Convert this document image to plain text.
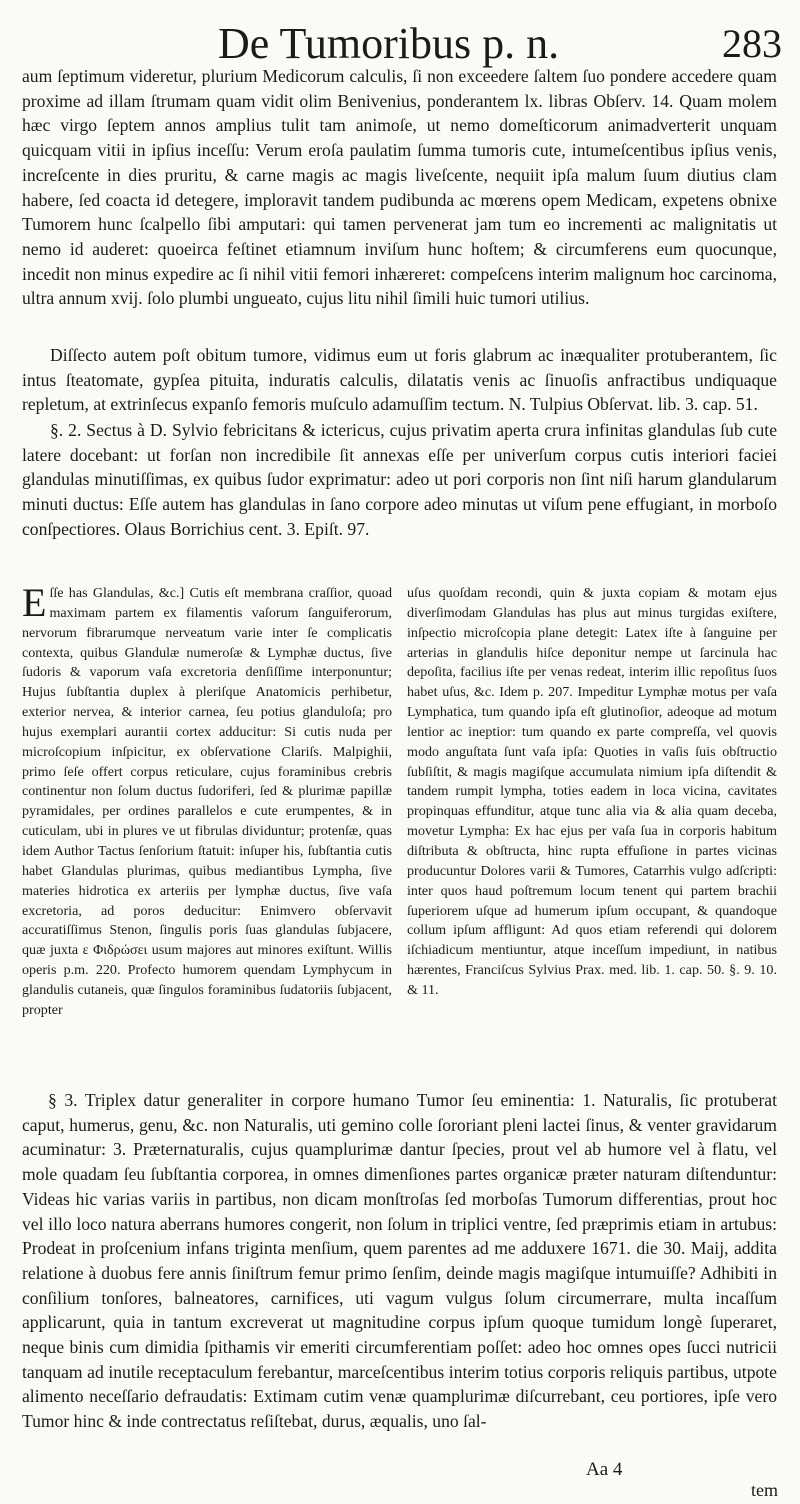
De Tumoribus p. n.	283

aum ſeptimum videretur, plurium Medicorum calculis, ſi non exceedere ſaltem ſuo pondere accedere quam proxime ad illam ſtrumam quam vidit olim Benivenius, ponderantem lx. libras Obſerv. 14. Quam molem hæc virgo ſeptem annos amplius tulit tam animoſe, ut nemo domeſticorum animadverterit unquam quicquam vitii in ipſius inceſſu: Verum eroſa paulatim ſumma tumoris cute, intumeſcentibus ipſius venis, increſcente in dies pruritu, & carne magis ac magis liveſcente, nequiit ipſa malum ſuum diutius clam habere, ſed coacta id detegere, imploravit tandem pudibunda ac mœrens opem Medicam, expetens obnixe Tumorem hunc ſcalpello ſibi amputari: qui tamen pervenerat jam tum eo incrementi ac malignitatis ut nemo id auderet: quoeirca feſtinet etiamnum inviſum hunc hoſtem; & circumferens eum quocunque, incedit non minus expedire ac ſi nihil vitii femori inhæreret: compeſcens interim malignum hoc carcinoma, ultra annum xvij. ſolo plumbi ungueato, cujus litu nihil ſimili huic tumori utilius.

Diſſecto autem poſt obitum tumore, vidimus eum ut foris glabrum ac inæqualiter protuberantem, ſic intus ſteatomate, gypſea pituita, induratis calculis, dilatatis venis ac ſinuoſis anfractibus undiquaque repletum, at extrinſecus expanſo femoris muſculo adamuſſim tectum. N. Tulpius Obſervat. lib. 3. cap. 51.

§. 2. Sectus à D. Sylvio febricitans & ictericus, cujus privatim aperta crura infinitas glandulas ſub cute latere docebant: ut forſan non incredibile ſit annexas eſſe per univerſum corpus cutis interiori faciei glandulas minutiſſimas, ex quibus ſudor exprimatur: adeo ut pori corporis non ſint niſi harum glandularum minuti ductus: Eſſe autem has glandulas in ſano corpore adeo minutas ut viſum pene effugiant, in morboſo conſpectiores. Olaus Borrichius cent. 3. Epiſt. 97.

E ſſe has Glandulas, &c.] Cutis eſt membrana craſſior, quoad maximam partem ex filamentis vaſorum ſanguiferorum, nervorum fibrarumque nerveatum varie inter ſe complicatis contexta, quibus Glandulæ numeroſæ & Lymphæ ductus, ſive ſudoris & vaporum vaſa excretoria denſiſſime interponuntur; Hujus ſubſtantia duplex à pleriſque Anatomicis perhibetur, exterior nervea, & interior carnea, ſeu potius glanduloſa; pro hujus exemplari aurantii cortex adducitur: Si cutis nuda per microſcopium inſpicitur, ex obſervatione Clariſs. Malpighii, primo ſeſe offert corpus reticulare, cujus foraminibus crebris continentur non ſolum ductus ſudoriferi, ſed & plurimæ papillæ pyramidales, per ordines parallelos e cute erumpentes, & in cuticulam, ubi in plures ve ut fibrulas dividuntur; protenſæ, quas idem Author Tactus ſenſorium ſtatuit: inſuper his, ſubſtantia cutis habet Glandulas plurimas, quibus mediantibus Lympha, ſive materies hidrotica ex arteriis per lymphæ ductus, ſive vaſa excretoria, ad poros deducitur: Enimvero obſervavit accuratiſſimus Stenon, ſingulis poris ſuas glandulas ſubjacere, quæ juxta ε Φιδρώσει usum majores aut minores exiſtunt. Willis operis p.m. 220. Profecto humorem quendam Lymphycum in glandulis cutaneis, quæ ſingulos foraminibus ſudatoriis ſubjacent, propter

uſus quoſdam recondi, quin & juxta copiam & motam ejus diverſimodam Glandulas has plus aut minus turgidas exiſtere, inſpectio microſcopia plane detegit: Latex iſte à ſanguine per arterias in glandulis hiſce deponitur nempe ut ſarcinula hac depoſita, facilius iſte per venas redeat, interim illic repoſitus ſuos habet uſus, &c. Idem p. 207. Impeditur Lymphæ motus per vaſa Lymphatica, tum quando ipſa eſt glutinoſior, adeoque ad motum lentior ac ineptior: tum quando ex parte compreſſa, vel quovis modo anguſtata ſunt vaſa ipſa: Quoties in vaſis ſuis obſtructio ſubſiſtit, & magis magiſque accumulata nimium ipſa diſtendit & tandem rumpit lympha, toties eadem in loca vicina, cavitates propinquas effunditur, atque tunc alia via & alia quam deceba, movetur Lympha: Ex hac ejus per vaſa ſua in corporis habitum diſtributa & obſtructa, hinc rupta effuſione in partes vicinas producuntur Dolores varii & Tumores, Catarrhis vulgo adſcripti: inter quos haud poſtremum locum tenent qui partem brachii ſuperiorem uſque ad humerum ipſum occupant, & quandoque collum ipſum affligunt: Ad quos etiam referendi qui dolorem iſchiadicum mentiuntur, atque inceſſum impediunt, in natibus hærentes, Franciſcus Sylvius Prax. med. lib. 1. cap. 50. §. 9. 10. & 11.

§ 3. Triplex datur generaliter in corpore humano Tumor ſeu eminentia: 1. Naturalis, ſic protuberat caput, humerus, genu, &c. non Naturalis, uti gemino colle ſororiant pleni lactei ſinus, & venter gravidarum acuminatur: 3. Præternaturalis, cujus quamplurimæ dantur ſpecies, prout vel ab humore vel à flatu, vel mole quadam ſeu ſubſtantia corporea, in omnes dimenſiones partes organicæ præter naturam diſtenduntur: Videas hic varias variis in partibus, non dicam monſtroſas ſed morboſas Tumorum differentias, prout hoc vel illo loco natura aberrans humores congerit, non ſolum in triplici ventre, ſed præprimis etiam in artubus: Prodeat in proſcenium infans triginta menſium, quem parentes ad me adduxere 1671. die 30. Maij, addita relatione à duobus fere annis ſiniſtrum femur primo ſenſim, deinde magis magiſque intumuiſſe? Adhibiti in conſilium tonſores, balneatores, carnifices, uti vagum vulgus ſolum circumerrare, multa incaſſum applicarunt, quia in tantum excreverat ut magnitudine corpus ipſum quoque tumidum longè ſuperaret, neque binis cum dimidia ſpithamis vir emeriti circumferentiam poſſet: adeo hoc omnes opes ſucci nutricii tanquam ad inutile receptaculum ferebantur, marceſcentibus interim totius corporis reliquis partibus, utpote alimento neceſſario defraudatis: Extimam cutim venæ quamplurimæ diſcurrebant, ceu portiores, ipſe vero Tumor hinc & inde contrectatus reſiſtebat, durus, æqualis, uno ſal-

Aa 4
tem
